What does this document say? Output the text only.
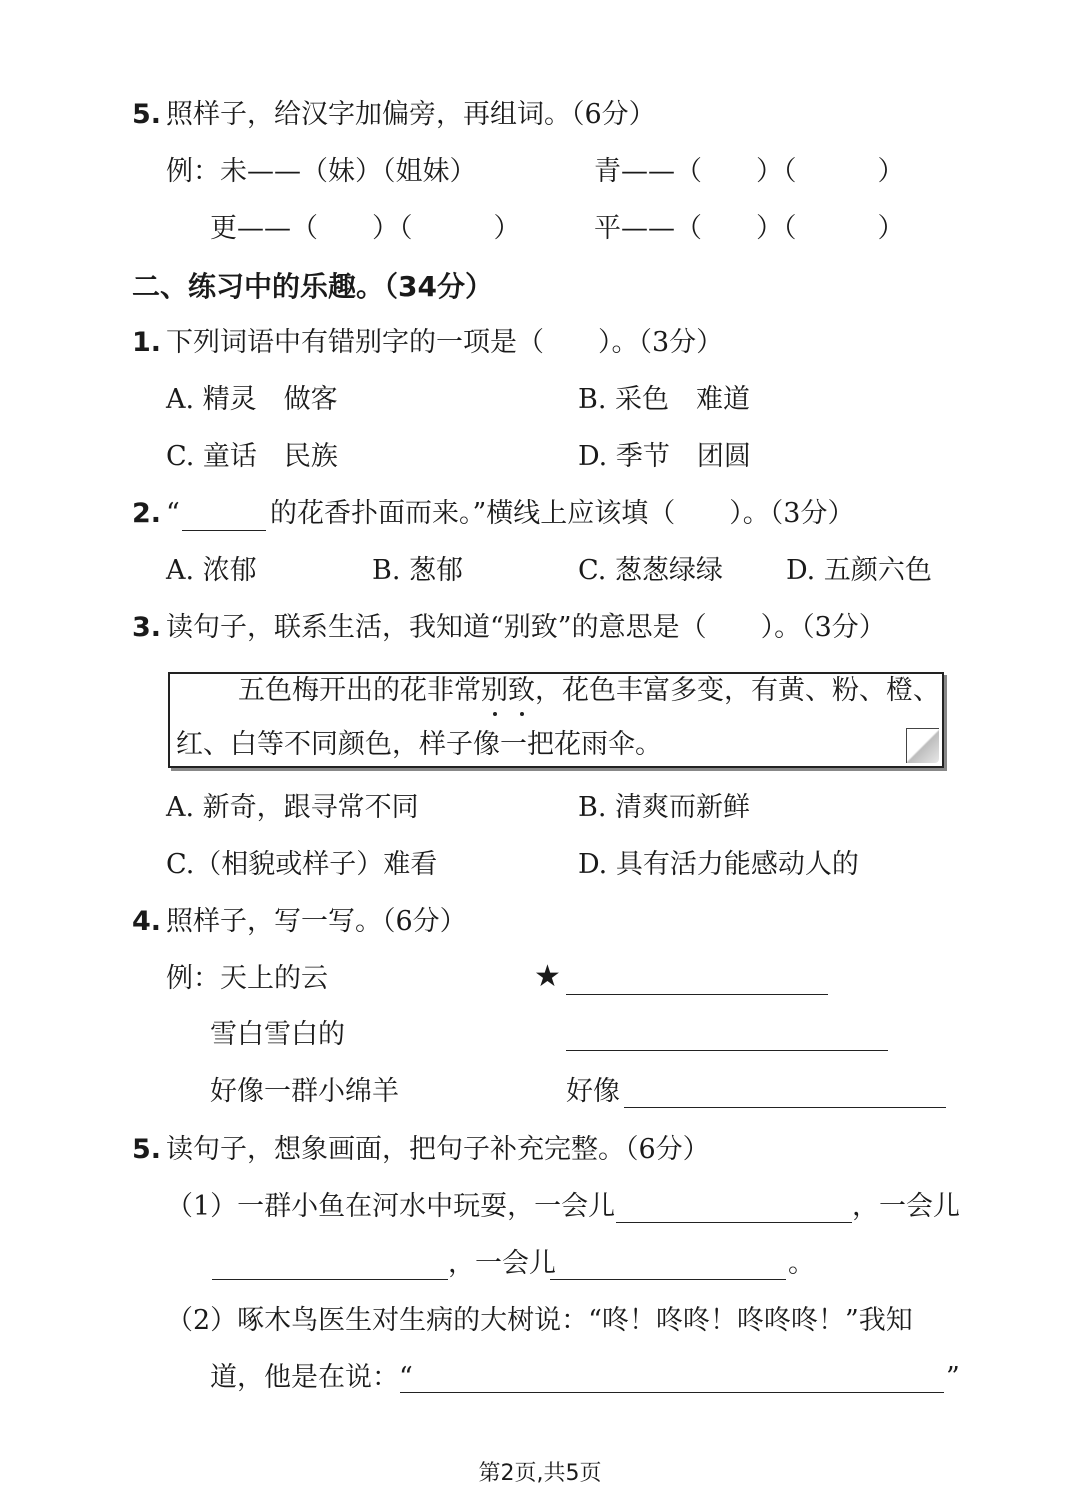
5. 照样子，给汉字加偏旁，再组词。（6分）
例：未——（妹）（姐妹）	青——（　　）（　　　）
更——（　　）（　　　）	平——（　　）（　　　）
二、练习中的乐趣。（34分）
1. 下列词语中有错别字的一项是（　　）。（3分）
A. 精灵　做客	B. 采色　难道
C. 童话　民族	D. 季节　团圆
2. “	的花香扑面而来。”横线上应该填（　　）。（3分）
A. 浓郁	B. 葱郁	C. 葱葱绿绿 D. 五颜六色
3. 读句子，联系生活，我知道“别致”的意思是（　　）。（3分）
五色梅开出的花非常别致，花色丰富多变，有黄、粉、橙、
红、白等不同颜色，样子像一把花雨伞。
A. 新奇，跟寻常不同	B. 清爽而新鲜
C.（相貌或样子）难看	D. 具有活力能感动人的
4. 照样子，写一写。（6分）
例：天上的云	★
雪白雪白的
好像一群小绵羊	好像
5. 读句子，想象画面，把句子补充完整。（6分）
（1）一群小鱼在河水中玩耍，一会儿	，一会儿
，一会儿	。
（2）啄木鸟医生对生病的大树说：“咚！咚咚！咚咚咚！”我知
道，他是在说：“	”
第2页,共5页
